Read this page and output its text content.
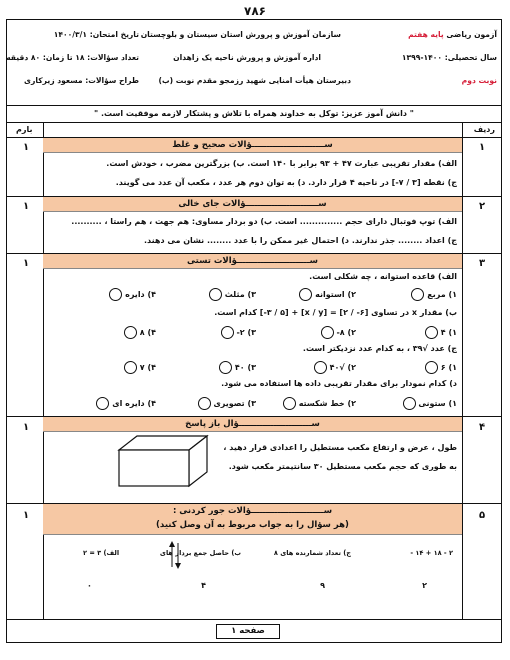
۷۸۶
آزمون ریاضی پایه هفتم
سال تحصیلی: ۱۴۰۰-۱۳۹۹
نوبت دوم
سازمان آموزش و پرورش استان سیستان و بلوچستان
اداره آموزش و پرورش ناحیه یک زاهدان
دبیرستان هیأت امنایی شهید رزمجو مقدم نوبت (ب)
تاریخ امتحان: ۱۴۰۰/۳/۱
تعداد سؤالات: ۱۸ تا زمان: ۸۰ دقیقه
طراح سؤالات: مسعود زیرکاری
" دانش آموز عزیز: توکل به خداوند همراه با تلاش و پشتکار لازمه موفقیت است. "
ردیف
بارم
ســـــــــــــــــــــــــؤالات صحیح و غلط	۱
۱
الف) مقدار تقریبی عبارت ۴۷ + ۹۳ برابر با ۱۴۰ است. ب) بزرگترین مضرب ، خودش است.
ج) نقطه [۳ / ۷-] در ناحیه ۴ قرار دارد. د) به توان دوم هر عدد ، مکعب آن عدد می گویند.
ســـــــــــــــــــــــــؤالات جای خالی	۲
۱
الف) توپ فوتبال دارای حجم .............. است. ب) دو بردار مساوی: هم جهت ، هم راستا ، ..........
ج) اعداد ........ جذر ندارند. د) احتمال غیر ممکن را با عدد ........ نشان می دهند.
ســـــــــــــــــــــــــؤالات تستی	۳
۱
الف) قاعده استوانه ، چه شکلی است.
۱) مربع
۲) استوانه
۳) مثلث
۴) دایره
ب) مقدار x در تساوی [۶- / ۲] = [x / y] + [۳ / ۵-] کدام است.
۱) ۴
۲) ۸-
۳) ۲-
۴) ۸
ج) عدد √۳۹ ، به کدام عدد نزدیکتر است.
۱) ۶
۲) √۴۰
۳) ۴۰
۴) ۷
د) کدام نمودار برای مقدار تقریبی داده ها استفاده می شود.
۱) ستونی
۲) خط شکسته
۳) تصویری
۴) دایره ای
ســـــــــــــــــــــــــؤال باز پاسخ	۴
۱
طول ، عرض و ارتفاع مکعب مستطیل را اعدادی قرار دهید ،
به طوری که حجم مکعب مستطیل ۳۰ سانتیمتر مکعب شود.
ســـــــــــــــــــــــــؤالات جور کردنی :
(هر سؤال را به جواب مربوط به آن وصل کنید)
۵
۱
۲ - ۱۸ + ۱۴ -
ج) تعداد شمارنده های ۸
ب) حاصل جمع بردار های
الف) ۳ = ۲
۲
۹
۴
۰
صفحه ۱
